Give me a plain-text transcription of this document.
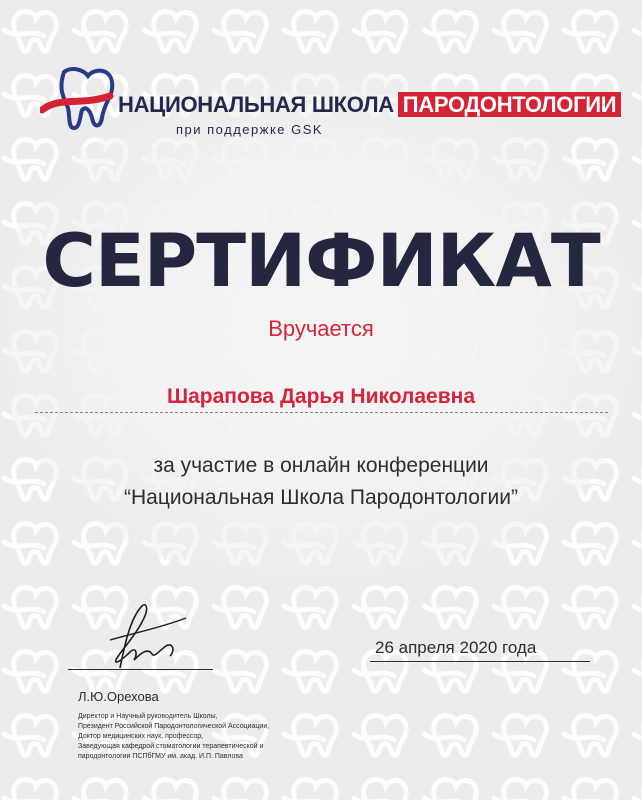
НАЦИОНАЛЬНАЯ ШКОЛА ПАРОДОНТОЛОГИИ
при поддержке GSK
СЕРТИФИКАТ
Вручается
Шарапова Дарья Николаевна
за участие в онлайн конференции
“Национальная Школа Пародонтологии”
26 апреля 2020 года
Л.Ю.Орехова
Директор и Научный руководитель Школы,
Президент Российской Пародонтологической Ассоциации,
Доктор медицинских наук, профессор,
Заведующая кафедрой стоматологии терапевтической и
пародонтологии ПСПбГМУ им. акад. И.П. Павлова
